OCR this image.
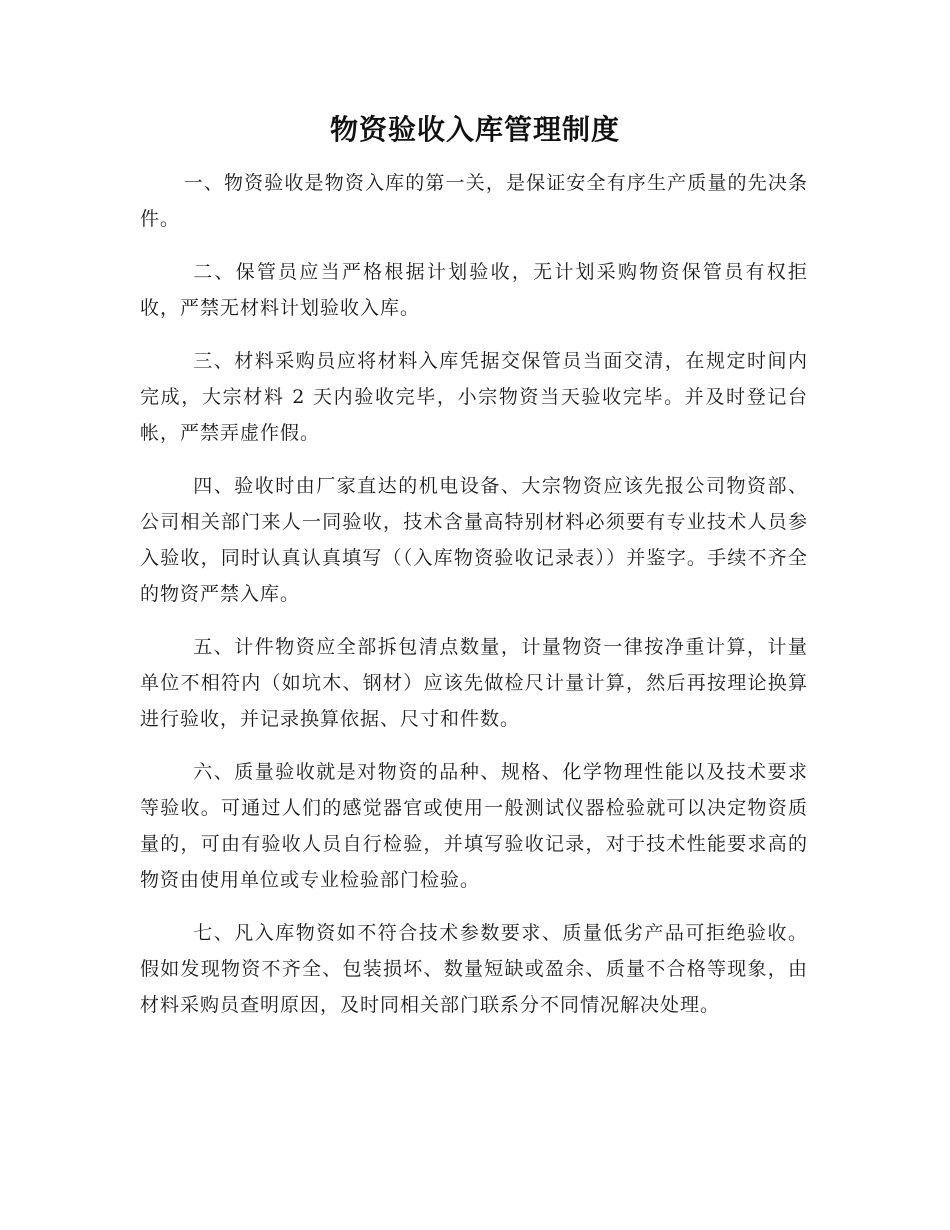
物资验收入库管理制度

一、物资验收是物资入库的第一关，是保证安全有序生产质量的先决条件。

二、保管员应当严格根据计划验收，无计划采购物资保管员有权拒收，严禁无材料计划验收入库。

三、材料采购员应将材料入库凭据交保管员当面交清，在规定时间内完成，大宗材料 2 天内验收完毕，小宗物资当天验收完毕。并及时登记台帐，严禁弄虚作假。

四、验收时由厂家直达的机电设备、大宗物资应该先报公司物资部、公司相关部门来人一同验收，技术含量高特别材料必须要有专业技术人员参入验收，同时认真认真填写（（入库物资验收记录表））并鉴字。手续不齐全的物资严禁入库。

五、计件物资应全部拆包清点数量，计量物资一律按净重计算，计量单位不相符内（如坑木、钢材）应该先做检尺计量计算，然后再按理论换算进行验收，并记录换算依据、尺寸和件数。

六、质量验收就是对物资的品种、规格、化学物理性能以及技术要求等验收。可通过人们的感觉器官或使用一般测试仪器检验就可以决定物资质量的，可由有验收人员自行检验，并填写验收记录，对于技术性能要求高的物资由使用单位或专业检验部门检验。

七、凡入库物资如不符合技术参数要求、质量低劣产品可拒绝验收。假如发现物资不齐全、包装损坏、数量短缺或盈余、质量不合格等现象，由材料采购员查明原因，及时同相关部门联系分不同情况解决处理。
